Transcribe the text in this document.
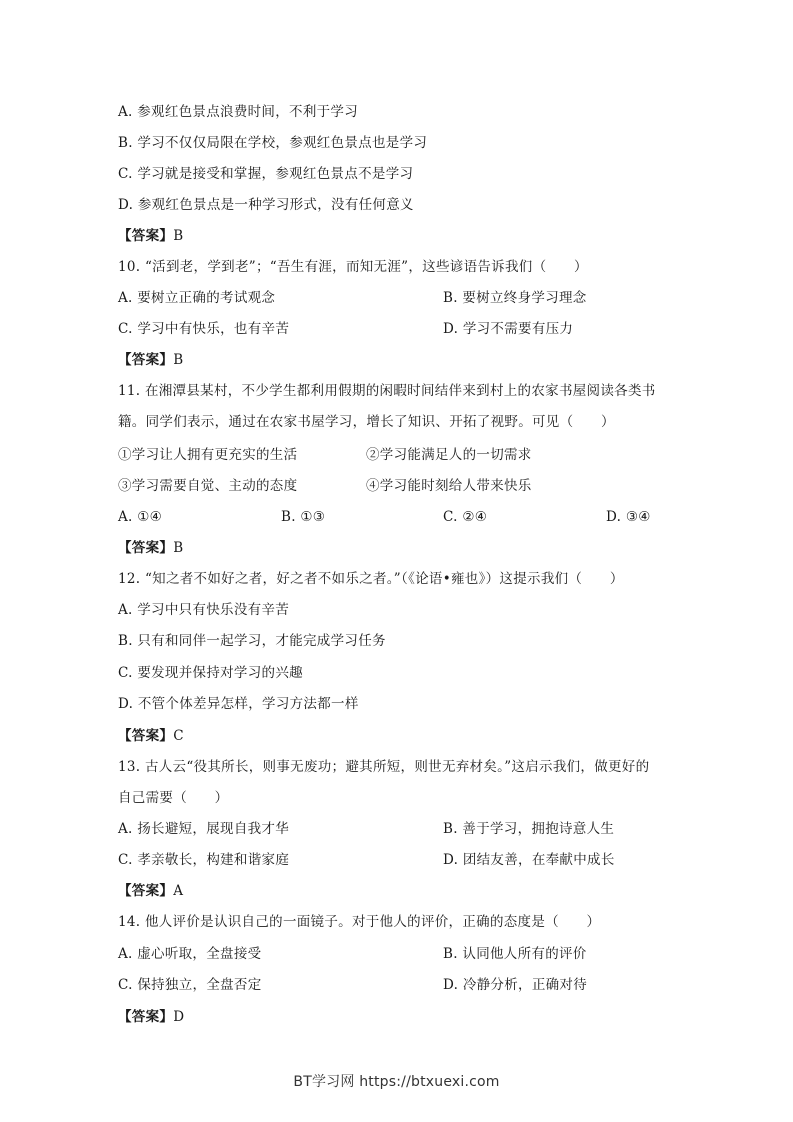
A. 参观红色景点浪费时间，不利于学习
B. 学习不仅仅局限在学校，参观红色景点也是学习
C. 学习就是接受和掌握，参观红色景点不是学习
D. 参观红色景点是一种学习形式，没有任何意义
【答案】B
10. “活到老，学到老”；“吾生有涯，而知无涯”，这些谚语告诉我们（　　）
A. 要树立正确的考试观念	B. 要树立终身学习理念
C. 学习中有快乐，也有辛苦	D. 学习不需要有压力
【答案】B
11. 在湘潭县某村，不少学生都利用假期的闲暇时间结伴来到村上的农家书屋阅读各类书
籍。同学们表示，通过在农家书屋学习，增长了知识、开拓了视野。可见（　　）
①学习让人拥有更充实的生活	②学习能满足人的一切需求
③学习需要自觉、主动的态度	④学习能时刻给人带来快乐
A. ①④	B. ①③	C. ②④	D. ③④
【答案】B
12. “知之者不如好之者，好之者不如乐之者。”（《论语•雍也》）这提示我们（　　）
A. 学习中只有快乐没有辛苦
B. 只有和同伴一起学习，才能完成学习任务
C. 要发现并保持对学习的兴趣
D. 不管个体差异怎样，学习方法都一样
【答案】C
13. 古人云“役其所长，则事无废功；避其所短，则世无弃材矣。”这启示我们，做更好的
自己需要（　　）
A. 扬长避短，展现自我才华	B. 善于学习，拥抱诗意人生
C. 孝亲敬长，构建和谐家庭	D. 团结友善，在奉献中成长
【答案】A
14. 他人评价是认识自己的一面镜子。对于他人的评价，正确的态度是（　　）
A. 虚心听取，全盘接受	B. 认同他人所有的评价
C. 保持独立，全盘否定	D. 冷静分析，正确对待
【答案】D
BT学习网 https://btxuexi.com
